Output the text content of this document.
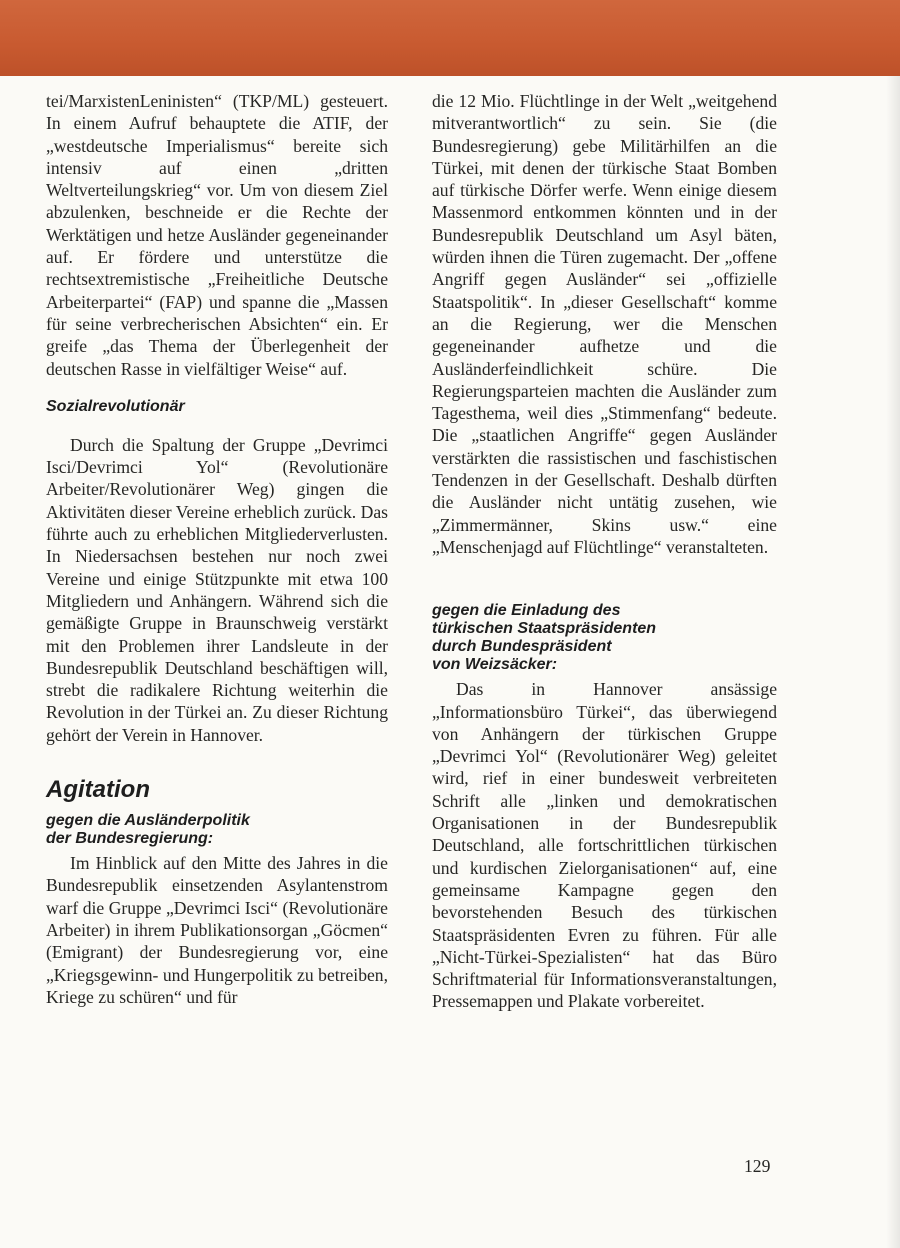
tei/MarxistenLeninisten“ (TKP/ML) gesteuert. In einem Aufruf behauptete die ATIF, der „westdeutsche Imperialismus“ bereite sich intensiv auf einen „dritten Weltverteilungskrieg“ vor. Um von diesem Ziel abzulenken, beschneide er die Rechte der Werktätigen und hetze Ausländer gegeneinander auf. Er fördere und unterstütze die rechtsextremistische „Freiheitliche Deutsche Arbeiterpartei“ (FAP) und spanne die „Massen für seine verbrecherischen Absichten“ ein. Er greife „das Thema der Überlegenheit der deutschen Rasse in vielfältiger Weise“ auf.

Sozialrevolutionär

Durch die Spaltung der Gruppe „Devrimci Isci/Devrimci Yol“ (Revolutionäre Arbeiter/Revolutionärer Weg) gingen die Aktivitäten dieser Vereine erheblich zurück. Das führte auch zu erheblichen Mitgliederverlusten. In Niedersachsen bestehen nur noch zwei Vereine und einige Stützpunkte mit etwa 100 Mitgliedern und Anhängern. Während sich die gemäßigte Gruppe in Braunschweig verstärkt mit den Problemen ihrer Landsleute in der Bundesrepublik Deutschland beschäftigen will, strebt die radikalere Richtung weiterhin die Revolution in der Türkei an. Zu dieser Richtung gehört der Verein in Hannover.

Agitation
gegen die Ausländerpolitik
der Bundesregierung:

Im Hinblick auf den Mitte des Jahres in die Bundesrepublik einsetzenden Asylantenstrom warf die Gruppe „Devrimci Isci“ (Revolutionäre Arbeiter) in ihrem Publikationsorgan „Göcmen“ (Emigrant) der Bundesregierung vor, eine „Kriegsgewinn- und Hungerpolitik zu betreiben, Kriege zu schüren“ und für

die 12 Mio. Flüchtlinge in der Welt „weitgehend mitverantwortlich“ zu sein. Sie (die Bundesregierung) gebe Militärhilfen an die Türkei, mit denen der türkische Staat Bomben auf türkische Dörfer werfe. Wenn einige diesem Massenmord entkommen könnten und in der Bundesrepublik Deutschland um Asyl bäten, würden ihnen die Türen zugemacht. Der „offene Angriff gegen Ausländer“ sei „offizielle Staatspolitik“. In „dieser Gesellschaft“ komme an die Regierung, wer die Menschen gegeneinander aufhetze und die Ausländerfeindlichkeit schüre. Die Regierungsparteien machten die Ausländer zum Tagesthema, weil dies „Stimmenfang“ bedeute. Die „staatlichen Angriffe“ gegen Ausländer verstärkten die rassistischen und faschistischen Tendenzen in der Gesellschaft. Deshalb dürften die Ausländer nicht untätig zusehen, wie „Zimmermänner, Skins usw.“ eine „Menschenjagd auf Flüchtlinge“ veranstalteten.

gegen die Einladung des
türkischen Staatspräsidenten
durch Bundespräsident
von Weizsäcker:

Das in Hannover ansässige „Informationsbüro Türkei“, das überwiegend von Anhängern der türkischen Gruppe „Devrimci Yol“ (Revolutionärer Weg) geleitet wird, rief in einer bundesweit verbreiteten Schrift alle „linken und demokratischen Organisationen in der Bundesrepublik Deutschland, alle fortschrittlichen türkischen und kurdischen Zielorganisationen“ auf, eine gemeinsame Kampagne gegen den bevorstehenden Besuch des türkischen Staatspräsidenten Evren zu führen. Für alle „Nicht-Türkei-Spezialisten“ hat das Büro Schriftmaterial für Informationsveranstaltungen, Pressemappen und Plakate vorbereitet.

129
